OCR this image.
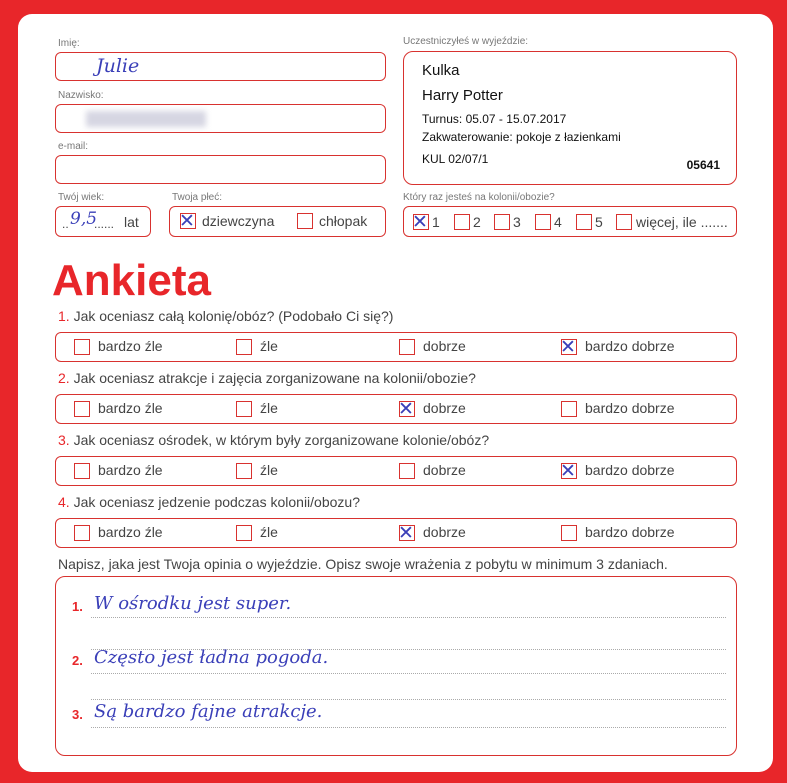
Imię:
Julie
Nazwisko:
e-mail:
Twój wiek:
.. 9,5
...... lat
Twoja płeć:
✕ dziewczyna	chłopak
Uczestniczyłeś w wyjeździe:
Kulka
Harry Potter
Turnus: 05.07 - 15.07.2017
Zakwaterowanie: pokoje z łazienkami
KUL 02/07/1	05641
Który raz jesteś na kolonii/obozie?
✕ 1 2 3 4 5 więcej, ile .......
Ankieta
1. Jak oceniasz całą kolonię/obóz? (Podobało Ci się?)
bardzo źle	źle	dobrze	✕ bardzo dobrze
2. Jak oceniasz atrakcje i zajęcia zorganizowane na kolonii/obozie?
bardzo źle	źle	✕ dobrze	bardzo dobrze
3. Jak oceniasz ośrodek, w którym były zorganizowane kolonie/obóz?
bardzo źle	źle	dobrze	✕ bardzo dobrze
4. Jak oceniasz jedzenie podczas kolonii/obozu?
bardzo źle	źle	✕ dobrze	bardzo dobrze
Napisz, jaka jest Twoja opinia o wyjeździe. Opisz swoje wrażenia z pobytu w minimum 3 zdaniach.
1. W ośrodku jest super.
2. Często jest ładna pogoda.
3. Są bardzo fajne atrakcje.
